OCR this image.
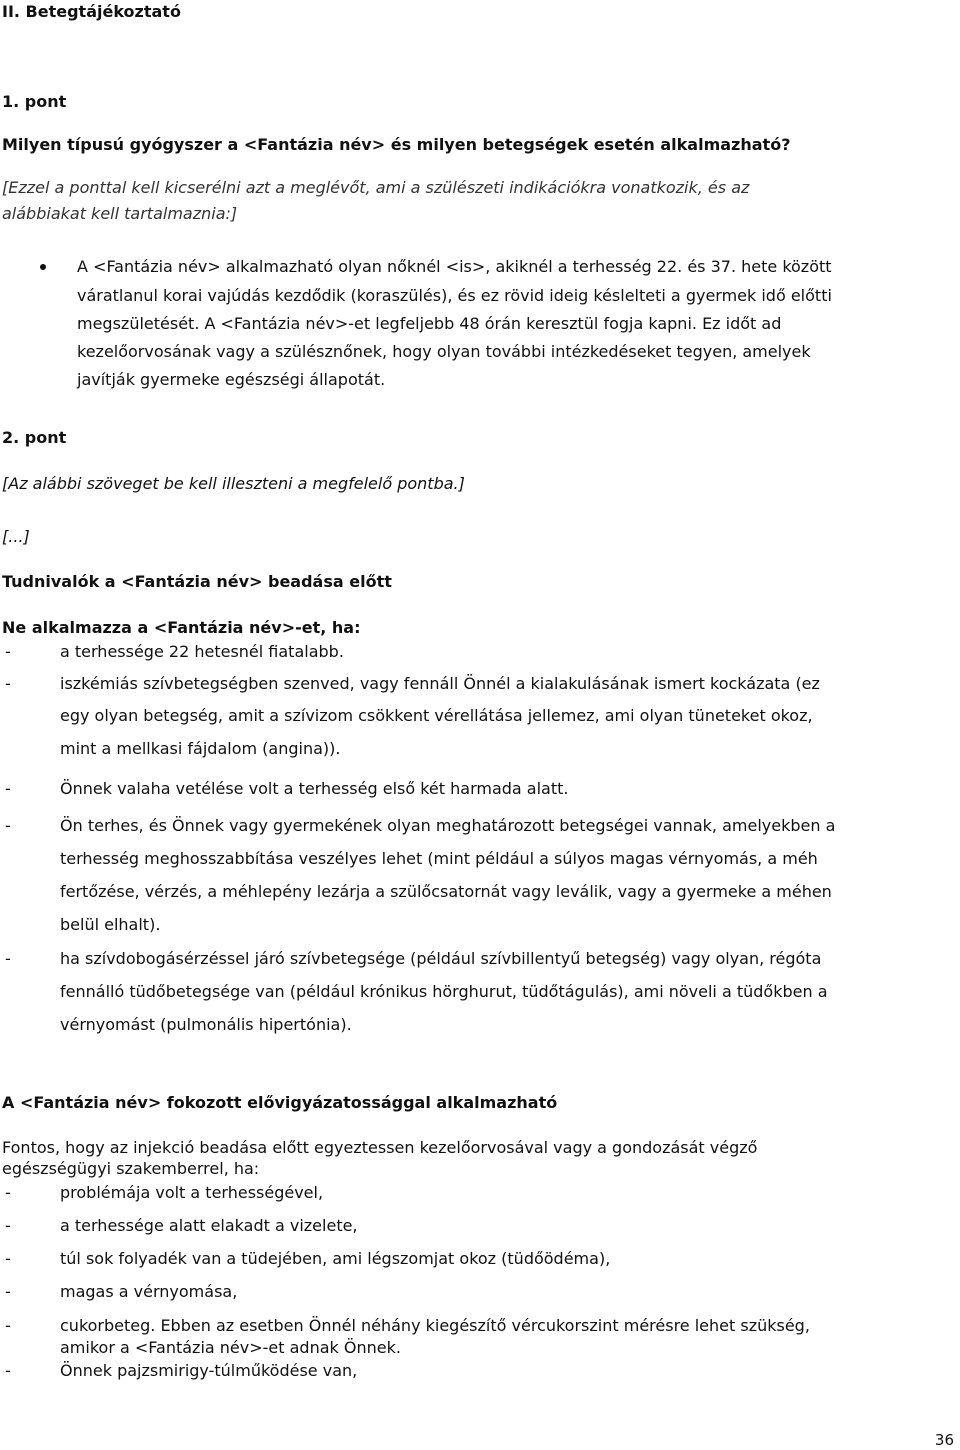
II. Betegtájékoztató
1. pont
Milyen típusú gyógyszer a <Fantázia név> és milyen betegségek esetén alkalmazható?
[Ezzel a ponttal kell kicserélni azt a meglévőt, ami a szülészeti indikációkra vonatkozik, és az
alábbiakat kell tartalmaznia:]
A <Fantázia név> alkalmazható olyan nőknél <is>, akiknél a terhesség 22. és 37. hete között
váratlanul korai vajúdás kezdődik (koraszülés), és ez rövid ideig késlelteti a gyermek idő előtti
megszületését. A <Fantázia név>-et legfeljebb 48 órán keresztül fogja kapni. Ez időt ad
kezelőorvosának vagy a szülésznőnek, hogy olyan további intézkedéseket tegyen, amelyek
javítják gyermeke egészségi állapotát.
2. pont
[Az alábbi szöveget be kell illeszteni a megfelelő pontba.]
[...]
Tudnivalók a <Fantázia név> beadása előtt
Ne alkalmazza a <Fantázia név>-et, ha:
-	a terhessége 22 hetesnél fiatalabb.
-	iszkémiás szívbetegségben szenved, vagy fennáll Önnél a kialakulásának ismert kockázata (ez
egy olyan betegség, amit a szívizom csökkent vérellátása jellemez, ami olyan tüneteket okoz,
mint a mellkasi fájdalom (angina)).
-	Önnek valaha vetélése volt a terhesség első két harmada alatt.
-	Ön terhes, és Önnek vagy gyermekének olyan meghatározott betegségei vannak, amelyekben a
terhesség meghosszabbítása veszélyes lehet (mint például a súlyos magas vérnyomás, a méh
fertőzése, vérzés, a méhlepény lezárja a szülőcsatornát vagy leválik, vagy a gyermeke a méhen
belül elhalt).
-	ha szívdobogásérzéssel járó szívbetegsége (például szívbillentyű betegség) vagy olyan, régóta
fennálló tüdőbetegsége van (például krónikus hörghurut, tüdőtágulás), ami növeli a tüdőkben a
vérnyomást (pulmonális hipertónia).
A <Fantázia név> fokozott elővigyázatossággal alkalmazható
Fontos, hogy az injekció beadása előtt egyeztessen kezelőorvosával vagy a gondozását végző
egészségügyi szakemberrel, ha:
-	problémája volt a terhességével,
-	a terhessége alatt elakadt a vizelete,
-	túl sok folyadék van a tüdejében, ami légszomjat okoz (tüdőödéma),
-	magas a vérnyomása,
-	cukorbeteg. Ebben az esetben Önnél néhány kiegészítő vércukorszint mérésre lehet szükség,
amikor a <Fantázia név>-et adnak Önnek.
-	Önnek pajzsmirigy-túlműködése van,
36
